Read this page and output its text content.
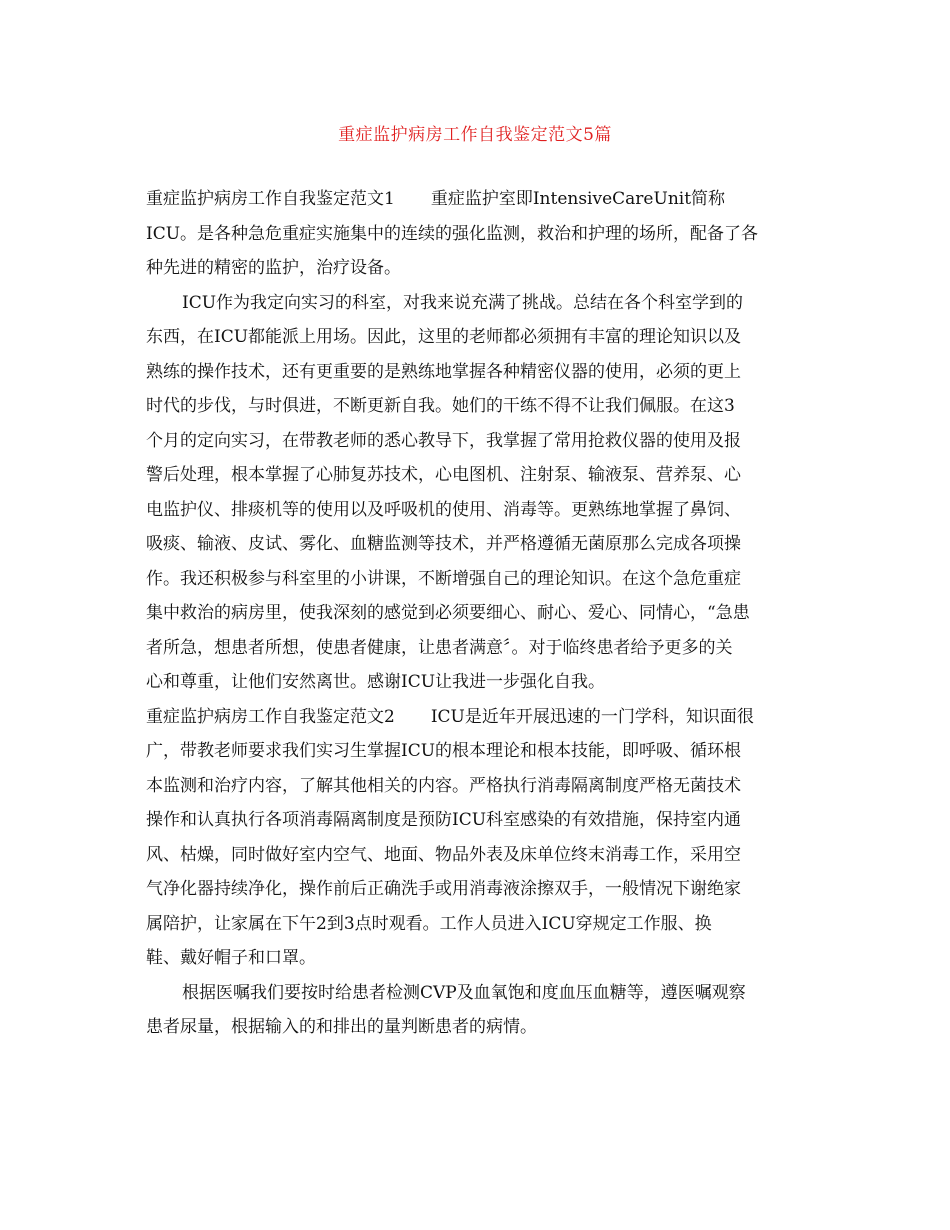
重症监护病房工作自我鉴定范文5篇
重症监护病房工作自我鉴定范文1 重症监护室即IntensiveCareUnit简称
ICU。是各种急危重症实施集中的连续的强化监测，救治和护理的场所，配备了各
种先进的精密的监护，治疗设备。
ICU作为我定向实习的科室，对我来说充满了挑战。总结在各个科室学到的
东西，在ICU都能派上用场。因此，这里的老师都必须拥有丰富的理论知识以及
熟练的操作技术，还有更重要的是熟练地掌握各种精密仪器的使用，必须的更上
时代的步伐，与时俱进，不断更新自我。她们的干练不得不让我们佩服。在这3
个月的定向实习，在带教老师的悉心教导下，我掌握了常用抢救仪器的使用及报
警后处理，根本掌握了心肺复苏技术，心电图机、注射泵、输液泵、营养泵、心
电监护仪、排痰机等的使用以及呼吸机的使用、消毒等。更熟练地掌握了鼻饲、
吸痰、输液、皮试、雾化、血糖监测等技术，并严格遵循无菌原那么完成各项操
作。我还积极参与科室里的小讲课，不断增强自己的理论知识。在这个急危重症
集中救治的病房里，使我深刻的感觉到必须要细心、耐心、爱心、同情心，“急患
者所急，想患者所想，使患者健康，让患者满意〞。对于临终患者给予更多的关
心和尊重，让他们安然离世。感谢ICU让我进一步强化自我。
重症监护病房工作自我鉴定范文2 ICU是近年开展迅速的一门学科，知识面很
广，带教老师要求我们实习生掌握ICU的根本理论和根本技能，即呼吸、循环根
本监测和治疗内容，了解其他相关的内容。严格执行消毒隔离制度严格无菌技术
操作和认真执行各项消毒隔离制度是预防ICU科室感染的有效措施，保持室内通
风、枯燥，同时做好室内空气、地面、物品外表及床单位终末消毒工作，采用空
气净化器持续净化，操作前后正确洗手或用消毒液涂擦双手，一般情况下谢绝家
属陪护，让家属在下午2到3点时观看。工作人员进入ICU穿规定工作服、换
鞋、戴好帽子和口罩。
根据医嘱我们要按时给患者检测CVP及血氧饱和度血压血糖等，遵医嘱观察
患者尿量，根据输入的和排出的量判断患者的病情。
